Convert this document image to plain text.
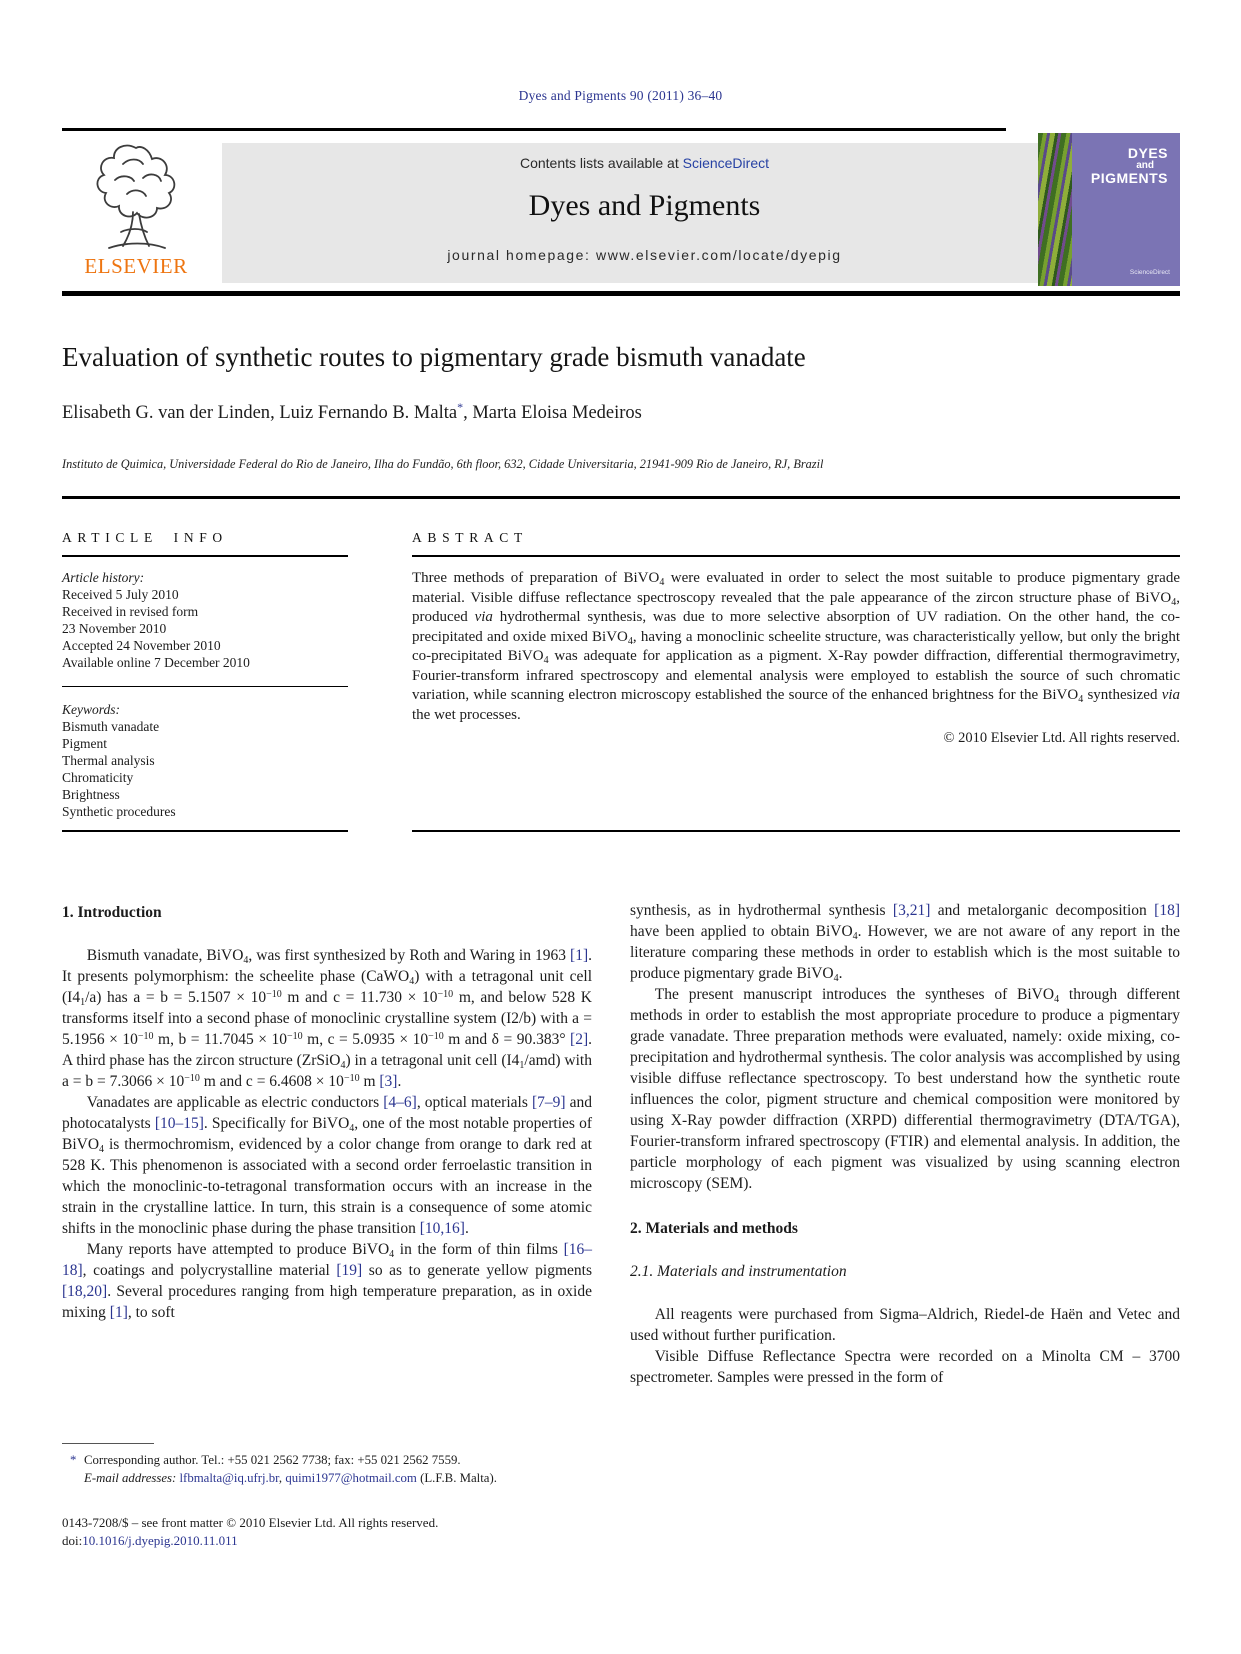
Dyes and Pigments 90 (2011) 36–40
ELSEVIER
Contents lists available at ScienceDirect
Dyes and Pigments
journal homepage: www.elsevier.com/locate/dyepig
DYES
and
PIGMENTS
ScienceDirect
Evaluation of synthetic routes to pigmentary grade bismuth vanadate
Elisabeth G. van der Linden, Luiz Fernando B. Malta*, Marta Eloisa Medeiros
Instituto de Quimica, Universidade Federal do Rio de Janeiro, Ilha do Fundão, 6th floor, 632, Cidade Universitaria, 21941-909 Rio de Janeiro, RJ, Brazil
ARTICLE INFO
Article history:
Received 5 July 2010
Received in revised form
23 November 2010
Accepted 24 November 2010
Available online 7 December 2010
Keywords:
Bismuth vanadate
Pigment
Thermal analysis
Chromaticity
Brightness
Synthetic procedures
ABSTRACT
Three methods of preparation of BiVO$_4$ were evaluated in order to select the most suitable to produce pigmentary grade material. Visible diffuse reflectance spectroscopy revealed that the pale appearance of the zircon structure phase of BiVO$_4$, produced via hydrothermal synthesis, was due to more selective absorption of UV radiation. On the other hand, the co-precipitated and oxide mixed BiVO$_4$, having a monoclinic scheelite structure, was characteristically yellow, but only the bright co-precipitated BiVO$_4$ was adequate for application as a pigment. X-Ray powder diffraction, differential thermogravimetry, Fourier-transform infrared spectroscopy and elemental analysis were employed to establish the source of such chromatic variation, while scanning electron microscopy established the source of the enhanced brightness for the BiVO$_4$ synthesized via the wet processes.
© 2010 Elsevier Ltd. All rights reserved.
1. Introduction

Bismuth vanadate, BiVO$_4$, was first synthesized by Roth and Waring in 1963 [1]. It presents polymorphism: the scheelite phase (CaWO$_4$) with a tetragonal unit cell $(I4_1/a)$ has $a = b = 5.1507 \times 10^{-10}$ m and $c = 11.730 \times 10^{-10}$ m, and below 528 K transforms itself into a second phase of monoclinic crystalline system (I2/b) with $a = 5.1956 \times 10^{-10}$ m, $b = 11.7045 \times 10^{-10}$ m, $c = 5.0935 \times 10^{-10}$ m and δ = 90.383° [2]. A third phase has the zircon structure (ZrSiO$_4$) in a tetragonal unit cell $(I4_1/amd)$ with $a = b = 7.3066 \times 10^{-10}$ m and $c = 6.4608 \times 10^{-10}$ m [3].

Vanadates are applicable as electric conductors [4–6], optical materials [7–9] and photocatalysts [10–15]. Specifically for BiVO$_4$, one of the most notable properties of BiVO$_4$ is thermochromism, evidenced by a color change from orange to dark red at 528 K. This phenomenon is associated with a second order ferroelastic transition in which the monoclinic-to-tetragonal transformation occurs with an increase in the strain in the crystalline lattice. In turn, this strain is a consequence of some atomic shifts in the monoclinic phase during the phase transition [10,16].

Many reports have attempted to produce BiVO$_4$ in the form of thin films [16–18], coatings and polycrystalline material [19] so as to generate yellow pigments [18,20]. Several procedures ranging from high temperature preparation, as in oxide mixing [1], to soft

synthesis, as in hydrothermal synthesis [3,21] and metalorganic decomposition [18] have been applied to obtain BiVO$_4$. However, we are not aware of any report in the literature comparing these methods in order to establish which is the most suitable to produce pigmentary grade BiVO$_4$.

The present manuscript introduces the syntheses of BiVO$_4$ through different methods in order to establish the most appropriate procedure to produce a pigmentary grade vanadate. Three preparation methods were evaluated, namely: oxide mixing, co-precipitation and hydrothermal synthesis. The color analysis was accomplished by using visible diffuse reflectance spectroscopy. To best understand how the synthetic route influences the color, pigment structure and chemical composition were monitored by using X-Ray powder diffraction (XRPD) differential thermogravimetry (DTA/TGA), Fourier-transform infrared spectroscopy (FTIR) and elemental analysis. In addition, the particle morphology of each pigment was visualized by using scanning electron microscopy (SEM).

2. Materials and methods
2.1. Materials and instrumentation

All reagents were purchased from Sigma–Aldrich, Riedel-de Haën and Vetec and used without further purification.

Visible Diffuse Reflectance Spectra were recorded on a Minolta CM – 3700 spectrometer. Samples were pressed in the form of

* Corresponding author. Tel.: +55 021 2562 7738; fax: +55 021 2562 7559.
E-mail addresses: lfbmalta@iq.ufrj.br, quimi1977@hotmail.com (L.F.B. Malta).
0143-7208/$ – see front matter © 2010 Elsevier Ltd. All rights reserved.
doi:10.1016/j.dyepig.2010.11.011
